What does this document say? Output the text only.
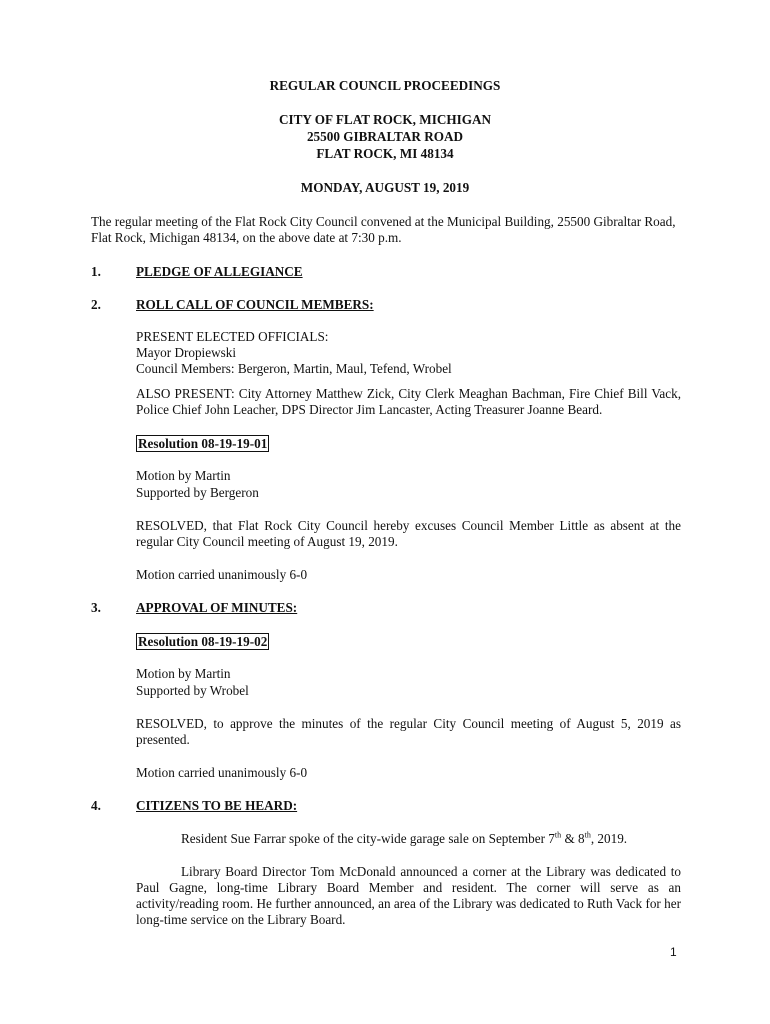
REGULAR COUNCIL PROCEEDINGS
CITY OF FLAT ROCK, MICHIGAN
25500 GIBRALTAR ROAD
FLAT ROCK, MI 48134
MONDAY, AUGUST 19, 2019

The regular meeting of the Flat Rock City Council convened at the Municipal Building, 25500 Gibraltar Road, Flat Rock, Michigan 48134, on the above date at 7:30 p.m.

1.	PLEDGE OF ALLEGIANCE
2.	ROLL CALL OF COUNCIL MEMBERS:
PRESENT ELECTED OFFICIALS:
Mayor Dropiewski
Council Members: Bergeron, Martin, Maul, Tefend, Wrobel

ALSO PRESENT: City Attorney Matthew Zick, City Clerk Meaghan Bachman, Fire Chief Bill Vack, Police Chief John Leacher, DPS Director Jim Lancaster, Acting Treasurer Joanne Beard.

Resolution 08-19-19-01
Motion by Martin
Supported by Bergeron

RESOLVED, that Flat Rock City Council hereby excuses Council Member Little as absent at the regular City Council meeting of August 19, 2019.

Motion carried unanimously 6-0
3.	APPROVAL OF MINUTES:
Resolution 08-19-19-02
Motion by Martin
Supported by Wrobel

RESOLVED, to approve the minutes of the regular City Council meeting of August 5, 2019 as presented.

Motion carried unanimously 6-0
4.	CITIZENS TO BE HEARD:

Resident Sue Farrar spoke of the city-wide garage sale on September 7th & 8th, 2019.

Library Board Director Tom McDonald announced a corner at the Library was dedicated to Paul Gagne, long-time Library Board Member and resident. The corner will serve as an activity/reading room. He further announced, an area of the Library was dedicated to Ruth Vack for her long-time service on the Library Board.

1
